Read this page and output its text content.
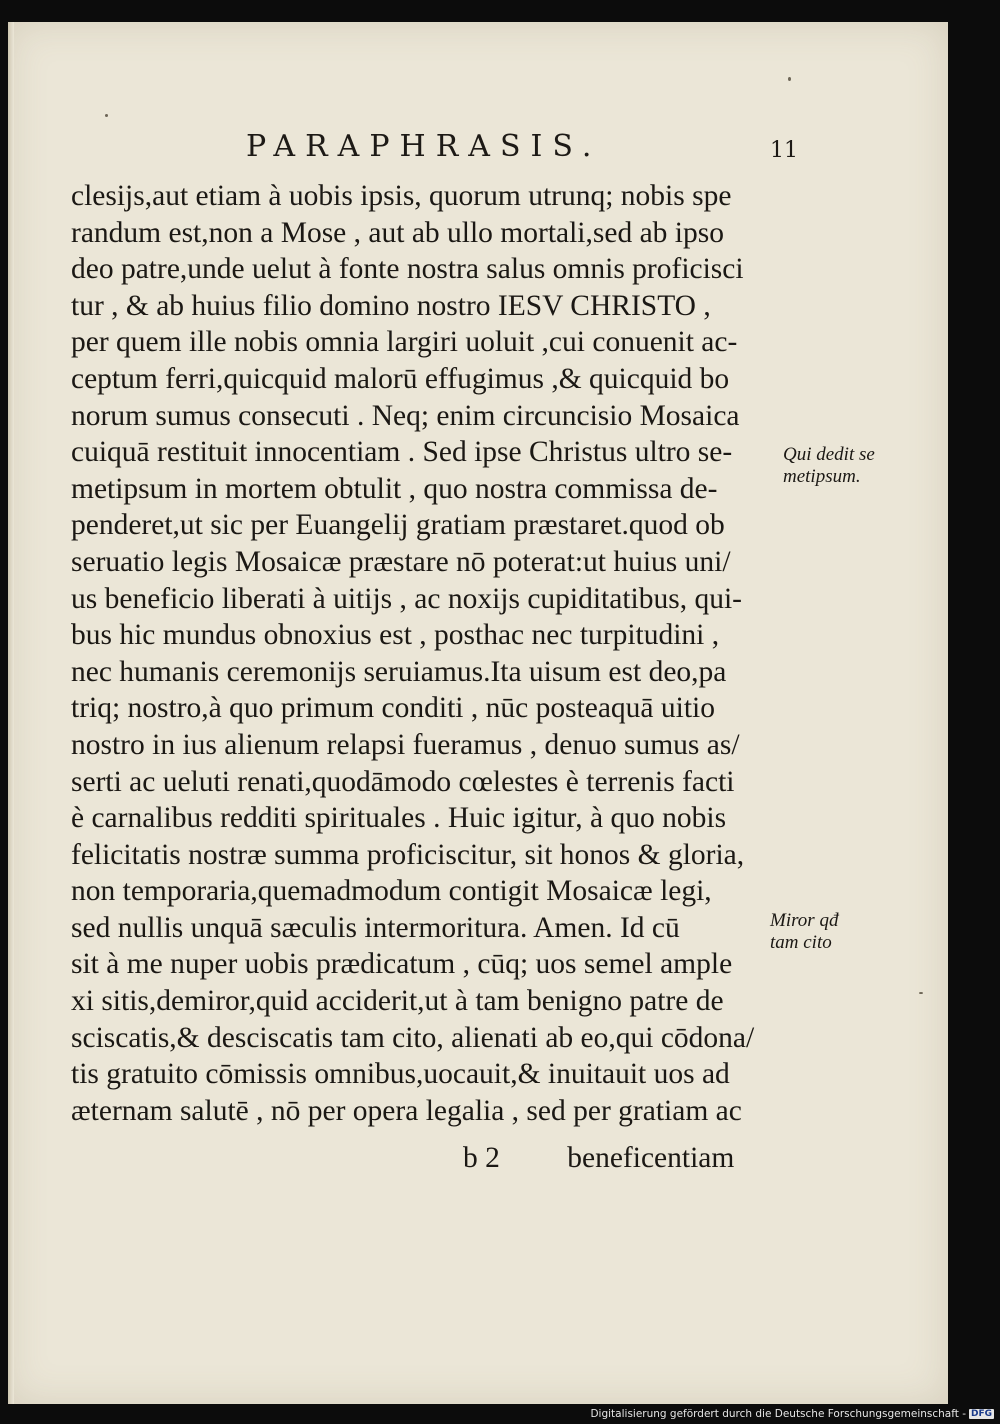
PARAPHRASIS.	11
clesijs,aut etiam à uobis ipsis, quorum utrunq; nobis spe
randum est,non a Mose , aut ab ullo mortali,sed ab ipso
deo patre,unde uelut à fonte nostra salus omnis proficisci
tur , & ab huius filio domino nostro IESV CHRISTO ,
per quem ille nobis omnia largiri uoluit ,cui conuenit ac-
ceptum ferri,quicquid malorū effugimus ,& quicquid bo
norum sumus consecuti . Neq; enim circuncisio Mosaica
cuiquā restituit innocentiam . Sed ipse Christus ultro se-
metipsum in mortem obtulit , quo nostra commissa de-
penderet,ut sic per Euangelij gratiam præstaret.quod ob
seruatio legis Mosaicæ præstare nō poterat:ut huius uni/
us beneficio liberati à uitijs , ac noxijs cupiditatibus, qui-
bus hic mundus obnoxius est , posthac nec turpitudini ,
nec humanis ceremonijs seruiamus.Ita uisum est deo,pa
triq; nostro,à quo primum conditi , nūc posteaquā uitio
nostro in ius alienum relapsi fueramus , denuo sumus as/
serti ac ueluti renati,quodāmodo cœlestes è terrenis facti
è carnalibus redditi spirituales . Huic igitur, à quo nobis
felicitatis nostræ summa proficiscitur, sit honos & gloria,
non temporaria,quemadmodum contigit Mosaicæ legi,
sed nullis unquā sæculis intermoritura. Amen. Id cū
sit à me nuper uobis prædicatum , cūq; uos semel ample
xi sitis,demiror,quid acciderit,ut à tam benigno patre de
sciscatis,& desciscatis tam cito, alienati ab eo,qui cōdona/
tis gratuito cōmissis omnibus,uocauit,& inuitauit uos ad
æternam salutē , nō per opera legalia , sed per gratiam ac
b 2 beneficentiam
Qui dedit se
metipsum.
Miror qđ
tam cito
Digitalisierung gefördert durch die Deutsche Forschungsgemeinschaft - DFG
